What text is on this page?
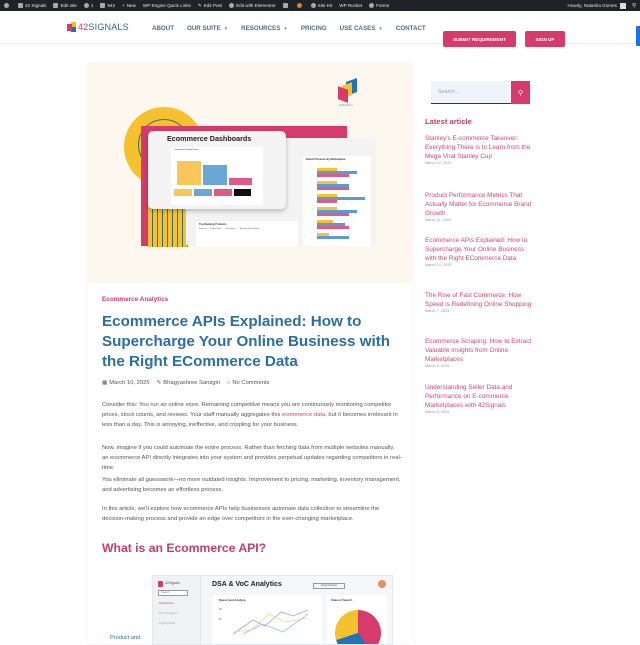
42 Signals	Edit site	1	942 + New WP Engine Quick Links ✎ Edit Post	Edit with Elementor	Site Kit WP Rocket	Forms	Howdy, Natasha Gomes	⚲
42SIGNALS	ABOUT OUR SUITE ▼ RESOURCES ▼ PRICING USE CASES ▼ CONTACT
SUBMIT REQUIREMENT	SIGN UP
42SIGNALS
Brand Presence By Marketplace
Top Ranking Products
Keyword Product Name Brand Name Avg Search Result Rank
Ecommerce Dashboards
Competitor Product Data
Ecommerce Analytics
Ecommerce APIs Explained: How to Supercharge Your Online Business with the Right ECommerce Data
▦ March 10, 2025 ✎ Bhagyashree Sanzgiri ○ No Comments

Consider this: You run an online store. Remaining competitive means you are continuously monitoring competitor prices, stock counts, and reviews. Your staff manually aggregates this ecommerce data, but it becomes irrelevant in less than a day. This is annoying, ineffective, and crippling for your business.

Now, imagine if you could automate the entire process. Rather than fetching data from multiple websites manually, an ecommerce API directly integrates into your system and provides perpetual updates regarding competitors in real-time.

You eliminate all guesswork—no more outdated insights. Improvement to pricing, marketing, inventory management, and advertising becomes an effortless process.

In this article, we'll explore how ecommerce APIs help businesses automate data collection to streamline the decision-making process and provide an edge over competitors in the ever-changing marketplace.

What is an Ecommerce API?
Product and
42Signals
Search
Dashboard
VOC Analytics
Digital Shelf
DSA & VoC Analytics	Assign Member
Report and Analysis
40
30
Share of Search
Search...	⚲
Latest article
Stanley's E-commerce Takeover: Everything There is to Learn from the Mega Viral Stanley Cup
March 12, 2025
Product Performance Metrics That Actually Matter for Ecommerce Brand Growth
March 11, 2025
Ecommerce APIs Explained: How to Supercharge Your Online Business with the Right ECommerce Data
March 10, 2025
The Rise of Fast Commerce: How Speed is Redefining Online Shopping
March 7, 2025
Ecommerce Scraping: How to Extract Valuable Insights from Online Marketplaces
March 6, 2025
Understanding Seller Data and Performance on E-commerce Marketplaces with 42Signals
March 5, 2025
